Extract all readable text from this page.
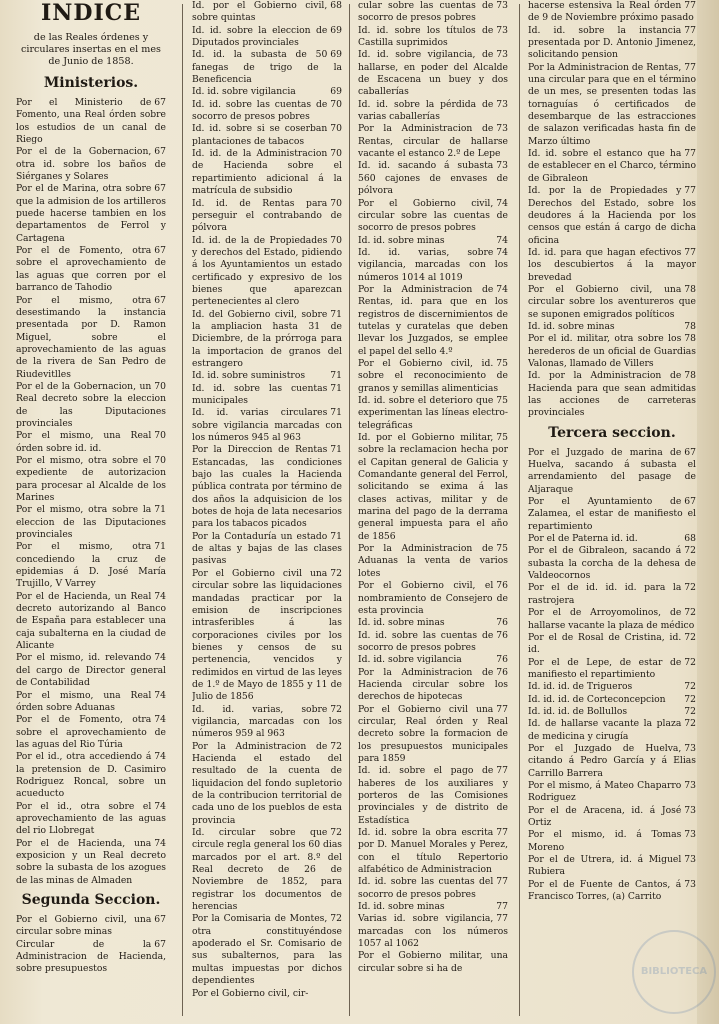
INDICE
de las Reales órdenes y circulares insertas en el mes de Junio de 1858.
Ministerios.
67
Por el Ministerio de Fomento, una Real órden sobre los estudios de un canal de Riego
67
Por el de la Gobernacion, otra id. sobre los baños de Siérganes y Solares
67
Por el de Marina, otra sobre que la admision de los artilleros puede hacerse tambien en los departamentos de Ferrol y Cartagena
67
Por el de Fomento, otra sobre el aprovechamiento de las aguas que corren por el barranco de Tahodio
67
Por el mismo, otra desestimando la instancia presentada por D. Ramon Miguel, sobre el aprovechamiento de las aguas de la rivera de San Pedro de Riudevitlles
70
Por el de la Gobernacion, un Real decreto sobre la eleccion de las Diputaciones provinciales
70
Por el mismo, una Real órden sobre id. id.
70
Por el mismo, otra sobre el expediente de autorizacion para procesar al Alcalde de los Marines
71
Por el mismo, otra sobre la eleccion de las Diputaciones provinciales
71
Por el mismo, otra concediendo la cruz de epidemias á D. José María Trujillo, V Varrey
74
Por el de Hacienda, un Real decreto autorizando al Banco de España para establecer una caja subalterna en la ciudad de Alicante
74
Por el mismo, id. relevando del cargo de Director general de Contabilidad
74
Por el mismo, una Real órden sobre Aduanas
74
Por el de Fomento, otra sobre el aprovechamiento de las aguas del Rio Túria
74
Por el id., otra accediendo á la pretension de D. Casimiro Rodriguez Roncal, sobre un acueducto
74
Por el id., otra sobre el aprovechamiento de las aguas del rio Llobregat
74
Por el de Hacienda, una exposicion y un Real decreto sobre la subasta de los azogues de las minas de Almaden
Segunda Seccion.
67
Por el Gobierno civil, una circular sobre minas
67
Circular de la Administracion de Hacienda, sobre presupuestos
68
Id. por el Gobierno civil, sobre quintas
69
Id. id. sobre la eleccion de Diputados provinciales
69
Id. id. la subasta de 50 fanegas de trigo de la Beneficencia
69
Id. id. sobre vigilancia
70
Id. id. sobre las cuentas de socorro de presos pobres
70
Id. id. sobre si se coserban plantaciones de tabacos
70
Id. id. de la Administracion de Hacienda sobre el repartimiento adicional á la matrícula de subsidio
70
Id. id. de Rentas para perseguir el contrabando de pólvora
70
Id. id. de la de Propiedades y derechos del Estado, pidiendo á los Ayuntamientos un estado certificado y expresivo de los bienes que aparezcan pertenecientes al clero
71
Id. del Gobierno civil, sobre la ampliacion hasta 31 de Diciembre, de la prórroga para la importacion de granos del estrangero
71
Id. id. sobre suministros
71
Id. id. sobre las cuentas municipales
71
Id. id. varias circulares sobre vigilancia marcadas con los números 945 al 963
71
Por la Direccion de Rentas Estancadas, las condiciones bajo las cuales la Hacienda pública contrata por término de dos años la adquisicion de los botes de hoja de lata necesarios para los tabacos picados
71
Por la Contaduría un estado de altas y bajas de las clases pasivas
72
Por el Gobierno civil una circular sobre las liquidaciones mandadas practicar por la emision de inscripciones intrasferibles á las corporaciones civiles por los bienes y censos de su pertenencia, vencidos y redimidos en virtud de las leyes de 1.º de Mayo de 1855 y 11 de Julio de 1856
72
Id. id. varias, sobre vigilancia, marcadas con los números 959 al 963
72
Por la Administracion de Hacienda el estado del resultado de la cuenta de liquidacion del fondo supletorio de la contribucion territorial de cada uno de los pueblos de esta provincia
72
Id. circular sobre que circule regla general los 60 dias marcados por el art. 8.º del Real decreto de 26 de Noviembre de 1852, para registrar los documentos de herencias
72
Por la Comisaria de Montes, otra constituyéndose apoderado el Sr. Comisario de sus subalternos, para las multas impuestas por dichos dependientes
Por el Gobierno civil, cir-
73
cular sobre las cuentas de socorro de presos pobres
73
Id. id. sobre los títulos de Castilla suprimidos
73
Id. id. sobre vigilancia, de hallarse, en poder del Alcalde de Escacena un buey y dos caballerías
73
Id. id. sobre la pérdida de varias caballerías
73
Por la Administracion de Rentas, circular de hallarse vacante el estanco 2.º de Lepe
73
Id. id. sacando á subasta 560 cajones de envases de pólvora
74
Por el Gobierno civil, circular sobre las cuentas de socorro de presos pobres
74
Id. id. sobre minas
74
Id. id. varias, sobre vigilancia, marcadas con los números 1014 al 1019
74
Por la Administracion de Rentas, id. para que en los registros de discernimientos de tutelas y curatelas que deben llevar los Juzgados, se emplee el papel del sello 4.º
75
Por el Gobierno civil, id. sobre el reconocimiento de granos y semillas alimenticias
75
Id. id. sobre el deterioro que experimentan las líneas electro-telegráficas
75
Id. por el Gobierno militar, sobre la reclamacion hecha por el Capitan general de Galicia y Comandante general del Ferrol, solicitando se exima á las clases activas, militar y de marina del pago de la derrama general impuesta para el año de 1856
75
Por la Administracion de Aduanas la venta de varios lotes
76
Por el Gobierno civil, el nombramiento de Consejero de esta provincia
76
Id. id. sobre minas
76
Id. id. sobre las cuentas de socorro de presos pobres
76
Id. id. sobre vigilancia
76
Por la Administracion de Hacienda circular sobre los derechos de hipotecas
77
Por el Gobierno civil una circular, Real órden y Real decreto sobre la formacion de los presupuestos municipales para 1859
77
Id. id. sobre el pago de haberes de los auxiliares y porteros de las Comisiones provinciales y de distrito de Estadística
77
Id. id. sobre la obra escrita por D. Manuel Morales y Perez, con el título Repertorio alfabético de Administracion
77
Id. id. sobre las cuentas del socorro de presos pobres
77
Id. id. sobre minas
77
Varias id. sobre vigilancia, marcadas con los números 1057 al 1062
Por el Gobierno militar, una circular sobre si ha de
77
hacerse estensiva la Real órden de 9 de Noviembre próximo pasado
77
Id. id. sobre la instancia presentada por D. Antonio Jimenez, solicitando pension
77
Por la Administracion de Rentas, una circular para que en el término de un mes, se presenten todas las tornaguías ó certificados de desembarque de las estracciones de salazon verificadas hasta fin de Marzo último
77
Id. id. sobre el estanco que ha de establecer en el Charco, término de Gibraleon
77
Id. por la de Propiedades y Derechos del Estado, sobre los deudores á la Hacienda por los censos que están á cargo de dicha oficina
77
Id. id. para que hagan efectivos los descubiertos á la mayor brevedad
78
Por el Gobierno civil, una circular sobre los aventureros que se suponen emigrados políticos
78
Id. id. sobre minas
78
Por el id. militar, otra sobre los herederos de un oficial de Guardias Valonas, llamado de Villers
78
Id. por la Administracion de Hacienda para que sean admitidas las acciones de carreteras provinciales
Tercera seccion.
67
Por el Juzgado de marina de Huelva, sacando á subasta el arrendamiento del pasage de Aljaraque
67
Por el Ayuntamiento de Zalamea, el estar de manifiesto el repartimiento
68
Por el de Paterna id. id.
72
Por el de Gibraleon, sacando á subasta la corcha de la dehesa de Valdeocornos
72
Por el de id. id. id. para la rastrojera
72
Por el de Arroyomolinos, de hallarse vacante la plaza de médico
72
Por el de Rosal de Cristina, id. id.
72
Por el de Lepe, de estar de manifiesto el repartimiento
72
Id. id. id. de Trigueros
72
Id. id. id. de Corteconcepcion
72
Id. id. id. de Bollullos
72
Id. de hallarse vacante la plaza de medicina y cirugía
73
Por el Juzgado de Huelva, citando á Pedro García y á Elias Carrillo Barrera
73
Por el mismo, á Mateo Chaparro Rodriguez
73
Por el de Aracena, id. á José Ortiz
73
Por el mismo, id. á Tomas Moreno
73
Por el de Utrera, id. á Miguel Rubiera
73
Por el de Fuente de Cantos, á Francisco Torres, (a) Carrito
BIBLIOTECA
